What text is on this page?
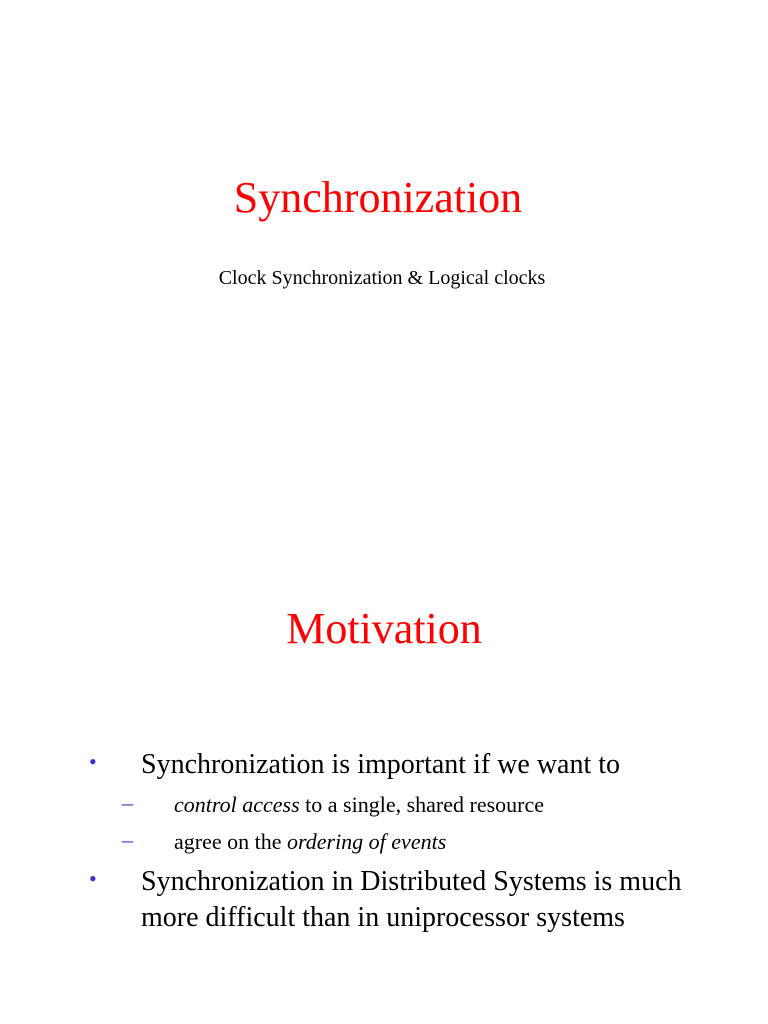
Synchronization

Clock Synchronization & Logical clocks

Motivation
• Synchronization is important if we want to
– control access to a single, shared resource
– agree on the ordering of events
• Synchronization in Distributed Systems is much
more difficult than in uniprocessor systems
